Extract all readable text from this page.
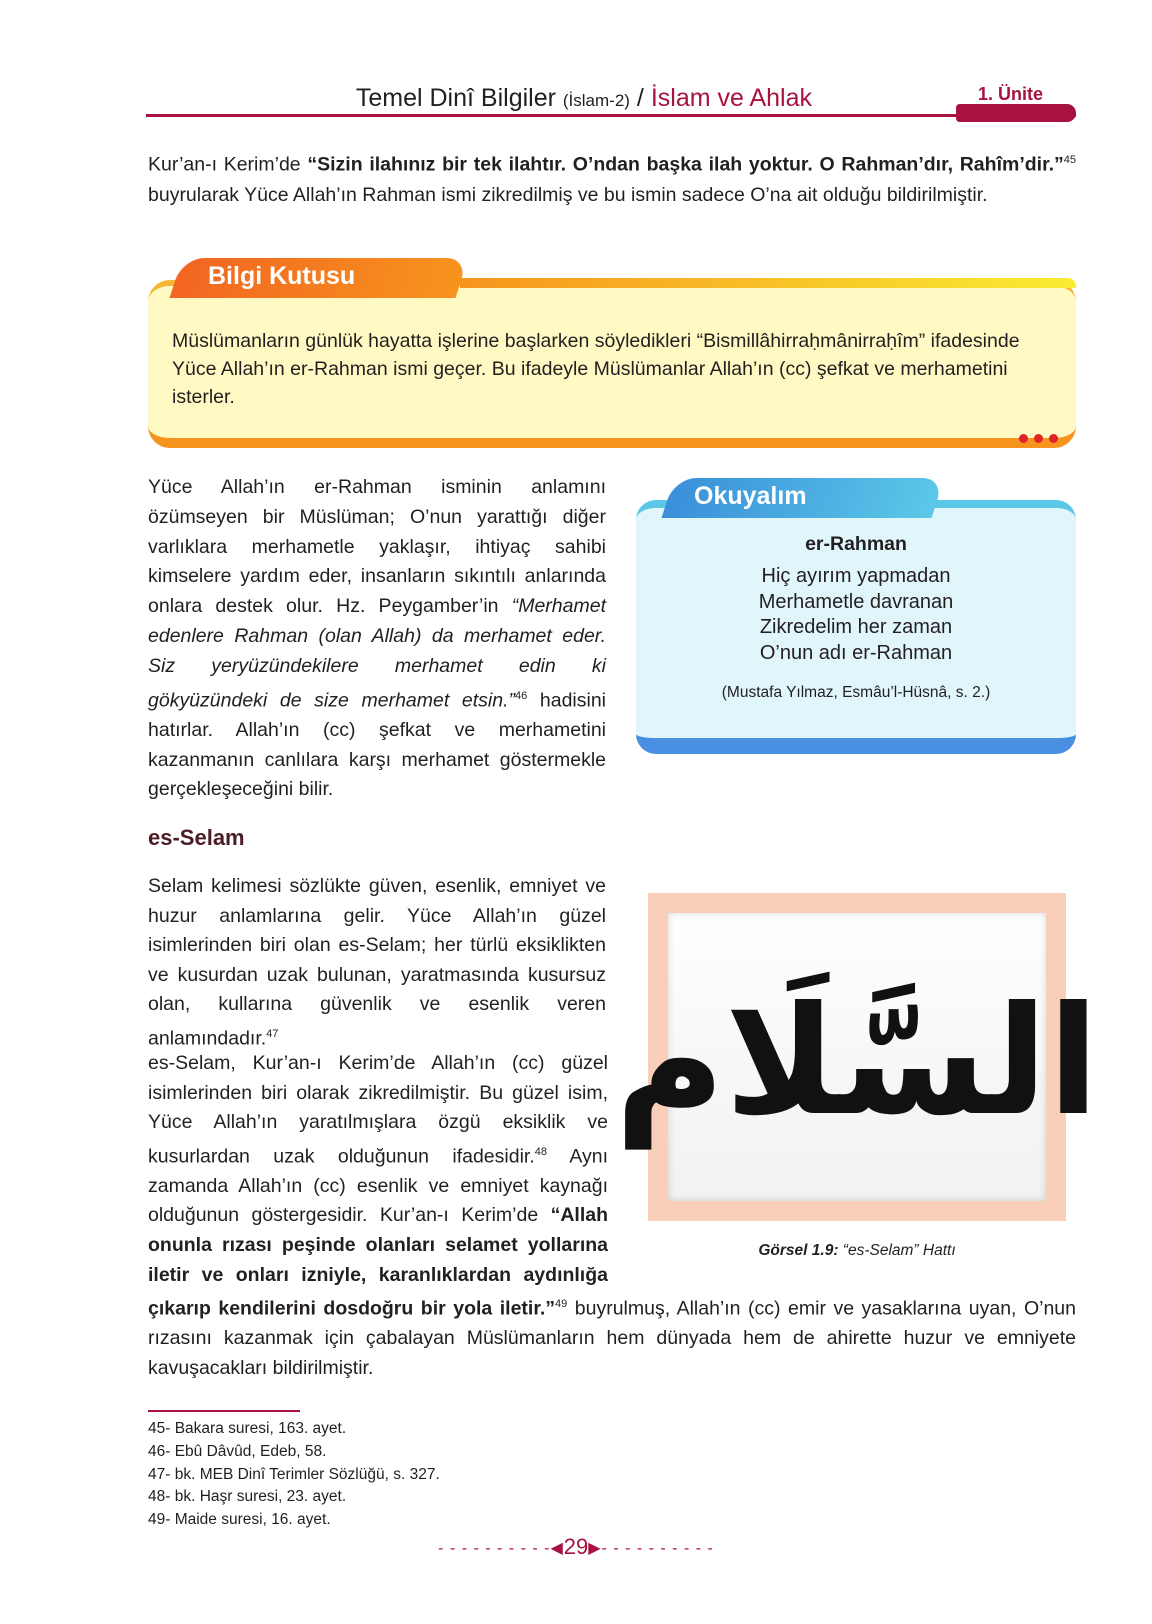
Temel Dinî Bilgiler (İslam-2) / İslam ve Ahlak	1. Ünite
Kur’an-ı Kerim’de “Sizin ilahınız bir tek ilahtır. O’ndan başka ilah yoktur. O Rahman’dır, Rahîm’dir.”$^{45}$ buyrularak Yüce Allah’ın Rahman ismi zikredilmiş ve bu ismin sadece O’na ait olduğu bildirilmiştir.
Bilgi Kutusu
Müslümanların günlük hayatta işlerine başlarken söyledikleri “Bismillâhirraḥmânirraḥîm” ifadesinde Yüce Allah’ın er-Rahman ismi geçer. Bu ifadeyle Müslümanlar Allah’ın (cc) şefkat ve merhametini isterler.
Yüce Allah’ın er-Rahman isminin anlamını özümseyen bir Müslüman; O’nun yarattığı diğer varlıklara merhametle yaklaşır, ihtiyaç sahibi kimselere yardım eder, insanların sıkıntılı anlarında onlara destek olur. Hz. Peygamber’in “Merhamet edenlere Rahman (olan Allah) da merhamet eder. Siz yeryüzündekilere merhamet edin ki gökyüzündeki de size merhamet etsin.”$^{46}$ hadisini hatırlar. Allah’ın (cc) şefkat ve merhametini kazanmanın canlılara karşı merhamet göstermekle gerçekleşeceğini bilir.
Okuyalım
er-Rahman
Hiç ayırım yapmadan
Merhametle davranan
Zikredelim her zaman
O’nun adı er-Rahman
(Mustafa Yılmaz, Esmâu’l-Hüsnâ, s. 2.)
es-Selam
Selam kelimesi sözlükte güven, esenlik, emniyet ve huzur anlamlarına gelir. Yüce Allah’ın güzel isimlerinden biri olan es-Selam; her türlü eksiklikten ve kusurdan uzak bulunan, yaratmasında kusursuz olan, kullarına güvenlik ve esenlik veren anlamındadır.$^{47}$
es-Selam, Kur’an-ı Kerim’de Allah’ın (cc) güzel isimlerinden biri olarak zikredilmiştir. Bu güzel isim, Yüce Allah’ın yaratılmışlara özgü eksiklik ve kusurlardan uzak olduğunun ifadesidir.$^{48}$ Aynı zamanda Allah’ın (cc) esenlik ve emniyet kaynağı olduğunun göstergesidir. Kur’an-ı Kerim’de “Allah onunla rızası peşinde olanları selamet yollarına iletir ve onları izniyle, karanlıklardan aydınlığa çıkarıp kendilerini dosdoğru bir yola iletir.”$^{49}$ buyrulmuş, Allah’ın (cc) emir ve yasaklarına uyan, O’nun rızasını kazanmak için çabalayan Müslümanların hem dünyada hem de ahirette huzur ve emniyete kavuşacakları bildirilmiştir.
السَّلَام
Görsel 1.9: “es-Selam” Hattı
45- Bakara suresi, 163. ayet.
46- Ebû Dâvûd, Edeb, 58.
47- bk. MEB Dinî Terimler Sözlüğü, s. 327.
48- bk. Haşr suresi, 23. ayet.
49- Maide suresi, 16. ayet.
- - - - - - - - - -◀29▶- - - - - - - - - -
